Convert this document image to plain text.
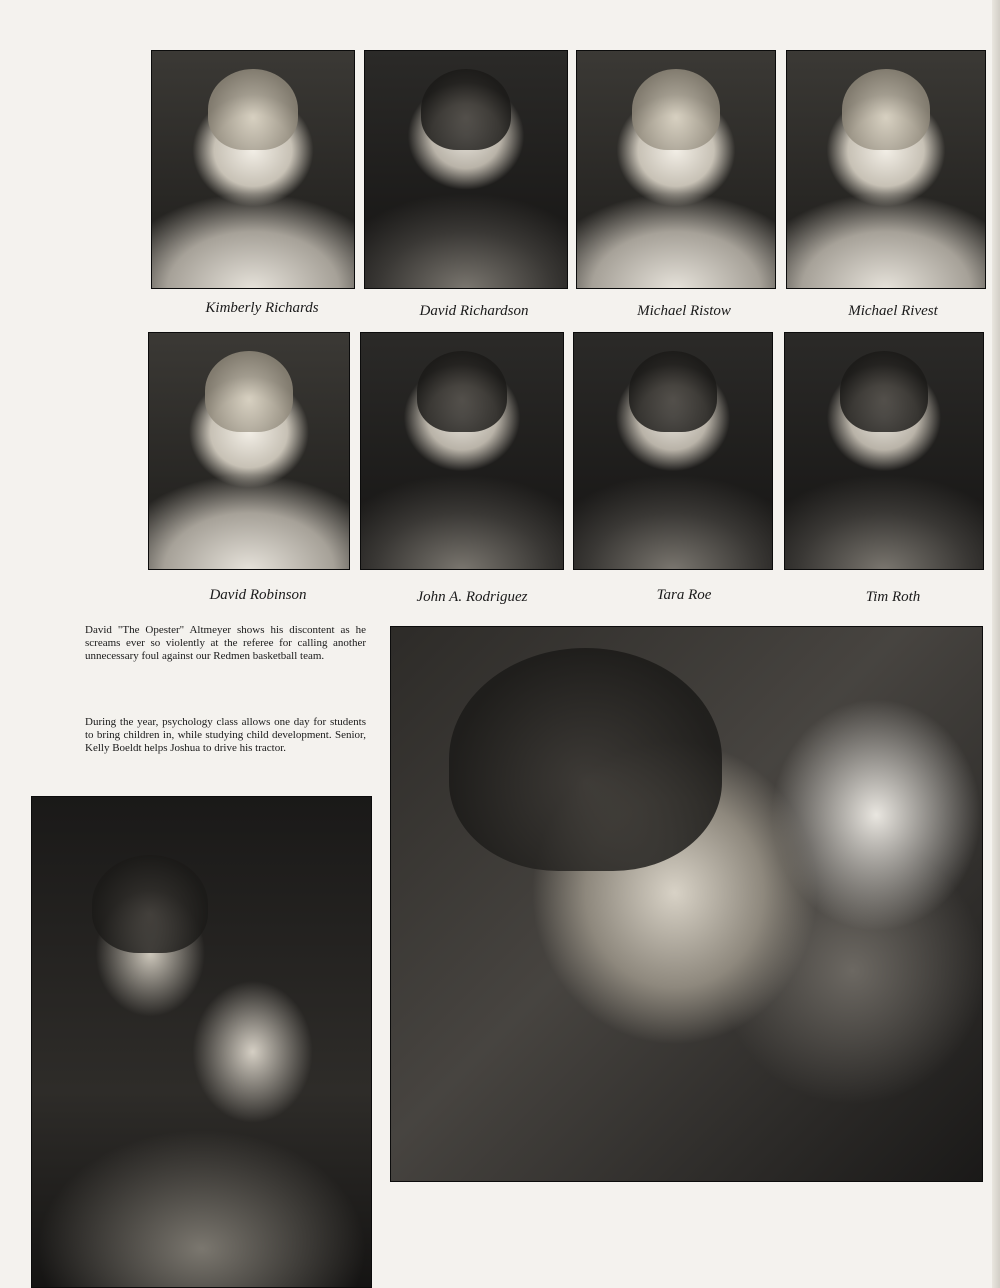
Kimberly Richards	David Richardson	Michael Ristow	Michael Rivest
David Robinson	John A. Rodriguez	Tara Roe	Tim Roth

David "The Opester" Altmeyer shows his discontent as he screams ever so violently at the referee for calling another unnecessary foul against our Redmen basketball team.

During the year, psychology class allows one day for students to bring children in, while studying child development. Senior, Kelly Boeldt helps Joshua to drive his tractor.
